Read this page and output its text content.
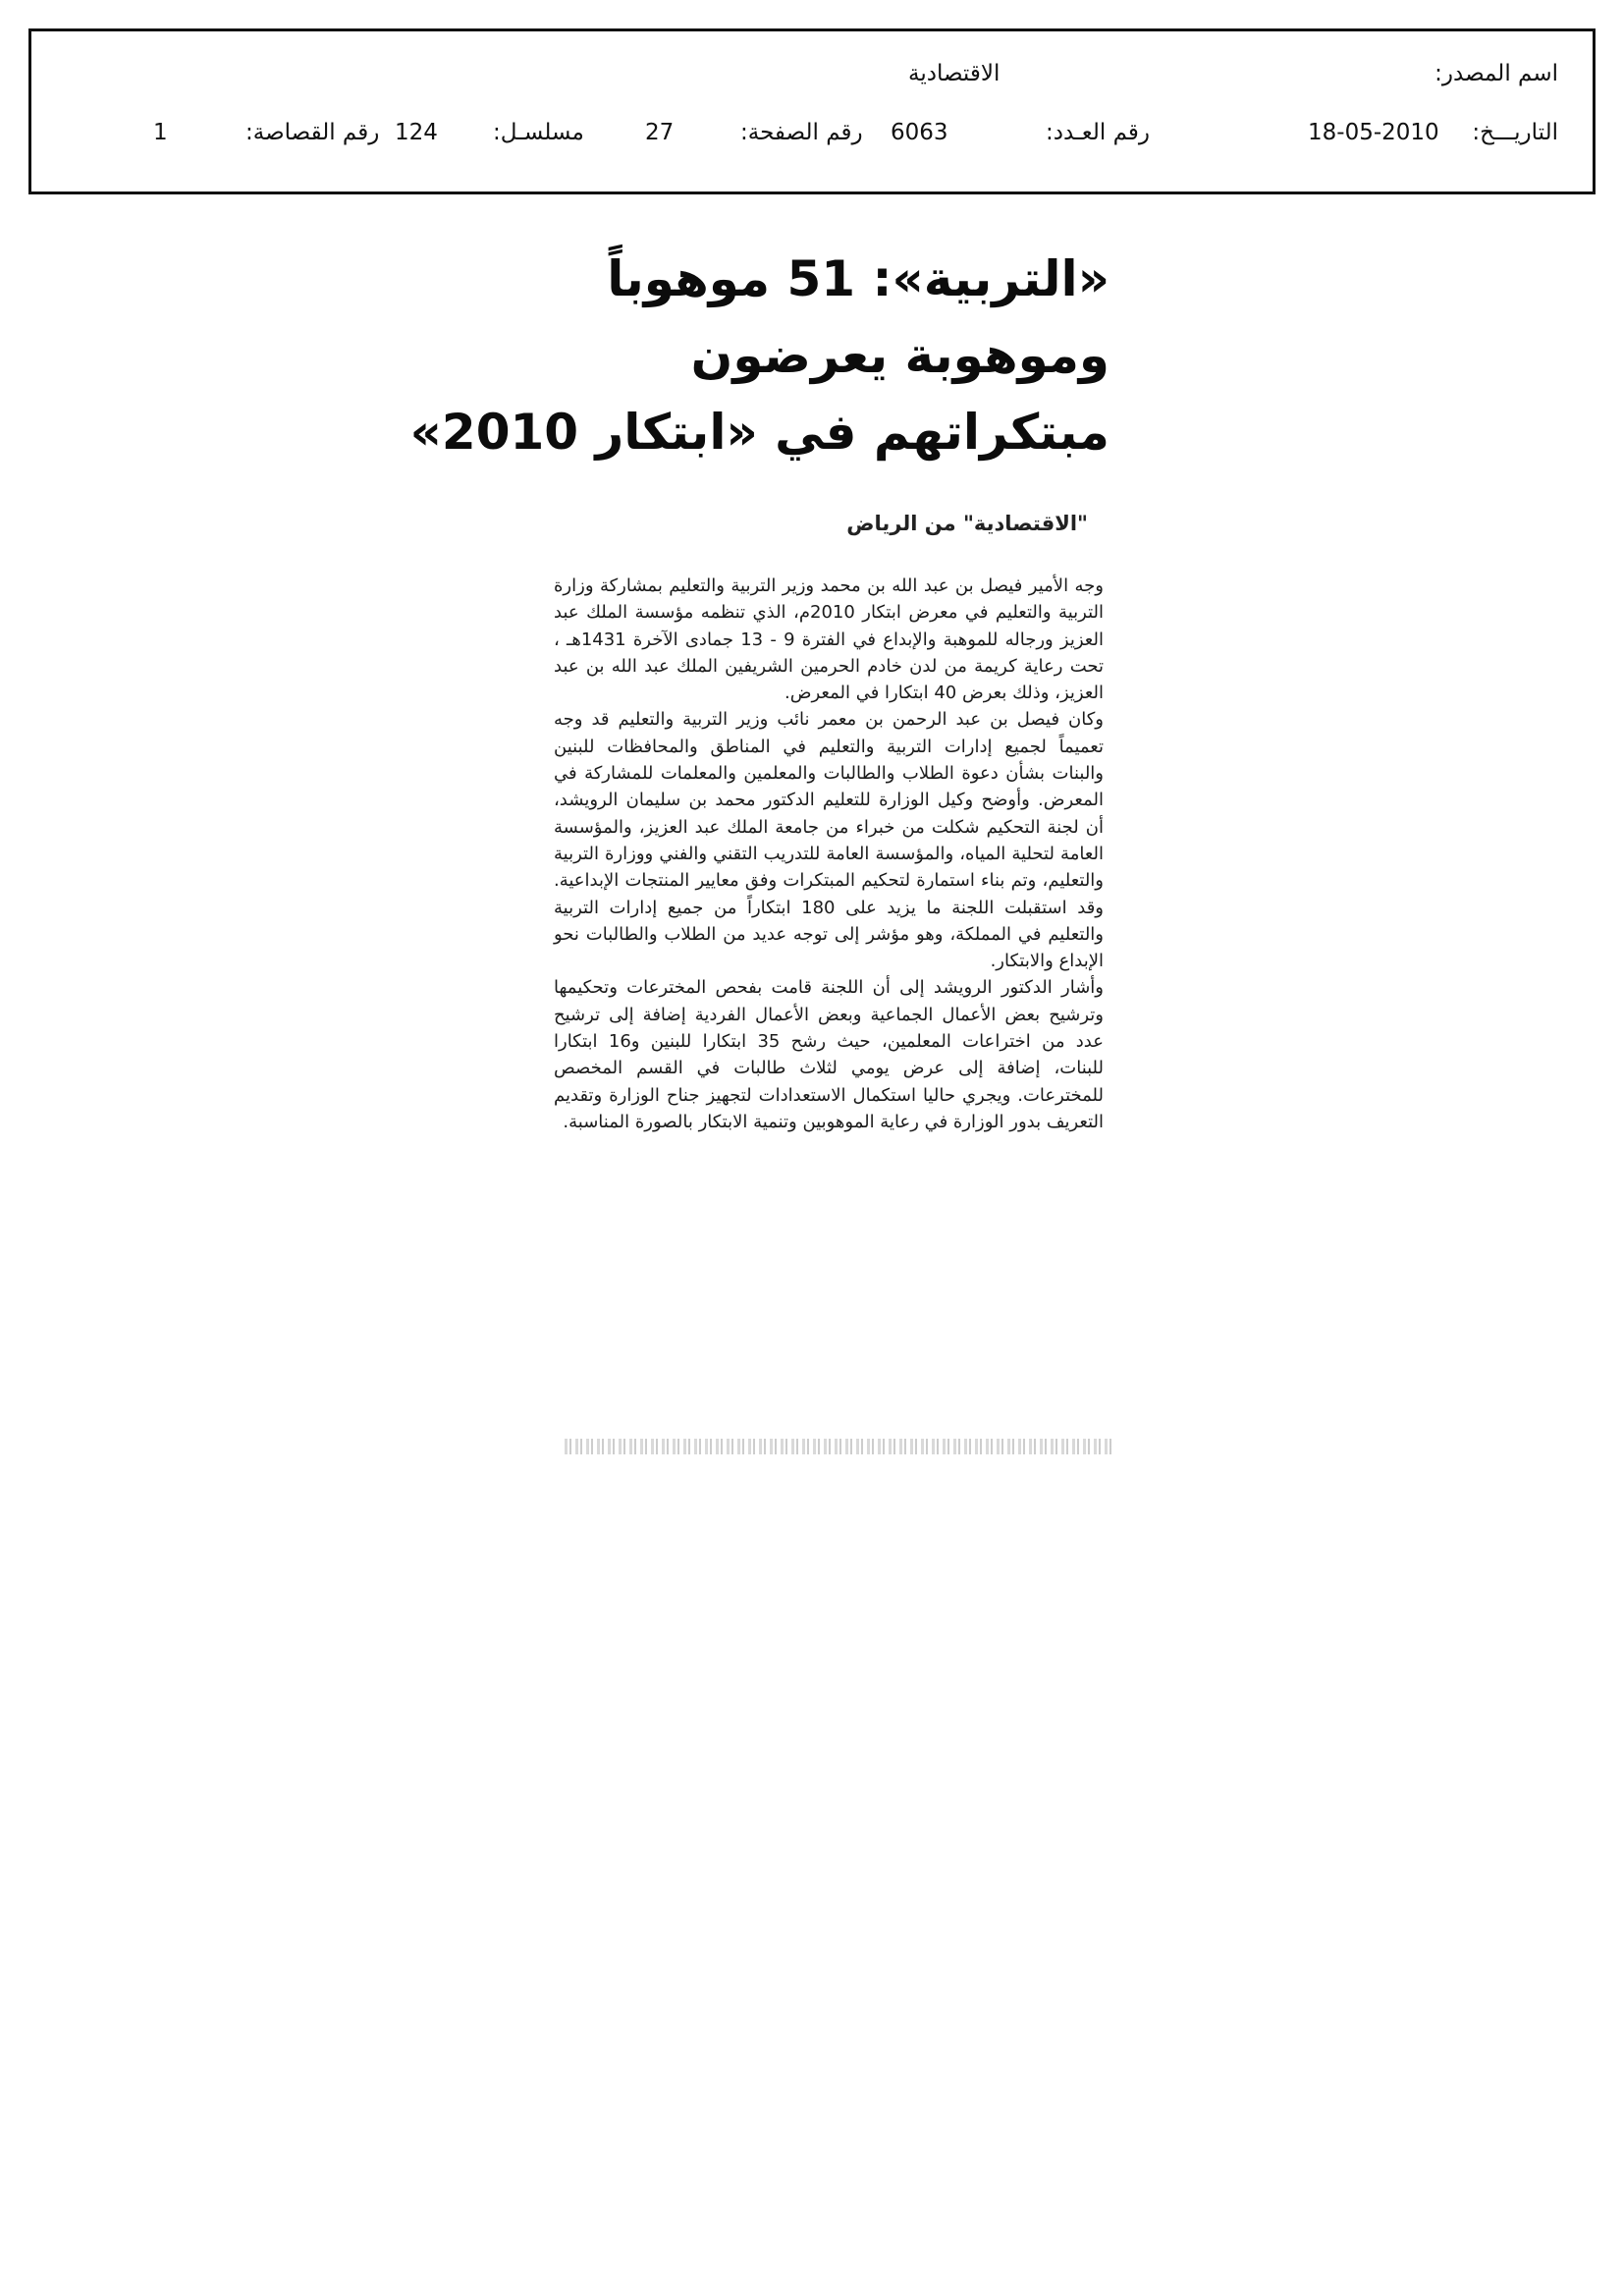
اسم المصدر:
الاقتصادية
التاريـــخ:
18-05-2010
رقم العـدد:
6063
رقم الصفحة:
27
مسلسـل:
124
رقم القصاصة:
1
«التربية»: 51 موهوباً
وموهوبة يعرضون
مبتكراتهم في «ابتكار 2010»
"الاقتصادية" من الرياض

وجه الأمير فيصل بن عبد الله بن محمد وزير التربية والتعليم بمشاركة وزارة التربية والتعليم في معرض ابتكار 2010م، الذي تنظمه مؤسسة الملك عبد العزيز ورجاله للموهبة والإبداع في الفترة 9 - 13 جمادى الآخرة 1431هـ ، تحت رعاية كريمة من لدن خادم الحرمين الشريفين الملك عبد الله بن عبد العزيز، وذلك بعرض 40 ابتكارا في المعرض.

وكان فيصل بن عبد الرحمن بن معمر نائب وزير التربية والتعليم قد وجه تعميماً لجميع إدارات التربية والتعليم في المناطق والمحافظات للبنين والبنات بشأن دعوة الطلاب والطالبات والمعلمين والمعلمات للمشاركة في المعرض. وأوضح وكيل الوزارة للتعليم الدكتور محمد بن سليمان الرويشد، أن لجنة التحكيم شكلت من خبراء من جامعة الملك عبد العزيز، والمؤسسة العامة لتحلية المياه، والمؤسسة العامة للتدريب التقني والفني ووزارة التربية والتعليم، وتم بناء استمارة لتحكيم المبتكرات وفق معايير المنتجات الإبداعية. وقد استقبلت اللجنة ما يزيد على 180 ابتكاراً من جميع إدارات التربية والتعليم في المملكة، وهو مؤشر إلى توجه عديد من الطلاب والطالبات نحو الإبداع والابتكار.

وأشار الدكتور الرويشد إلى أن اللجنة قامت بفحص المخترعات وتحكيمها وترشيح بعض الأعمال الجماعية وبعض الأعمال الفردية إضافة إلى ترشيح عدد من اختراعات المعلمين، حيث رشح 35 ابتكارا للبنين و16 ابتكارا للبنات، إضافة إلى عرض يومي لثلاث طالبات في القسم المخصص للمخترعات. ويجري حاليا استكمال الاستعدادات لتجهيز جناح الوزارة وتقديم التعريف بدور الوزارة في رعاية الموهوبين وتنمية الابتكار بالصورة المناسبة.
